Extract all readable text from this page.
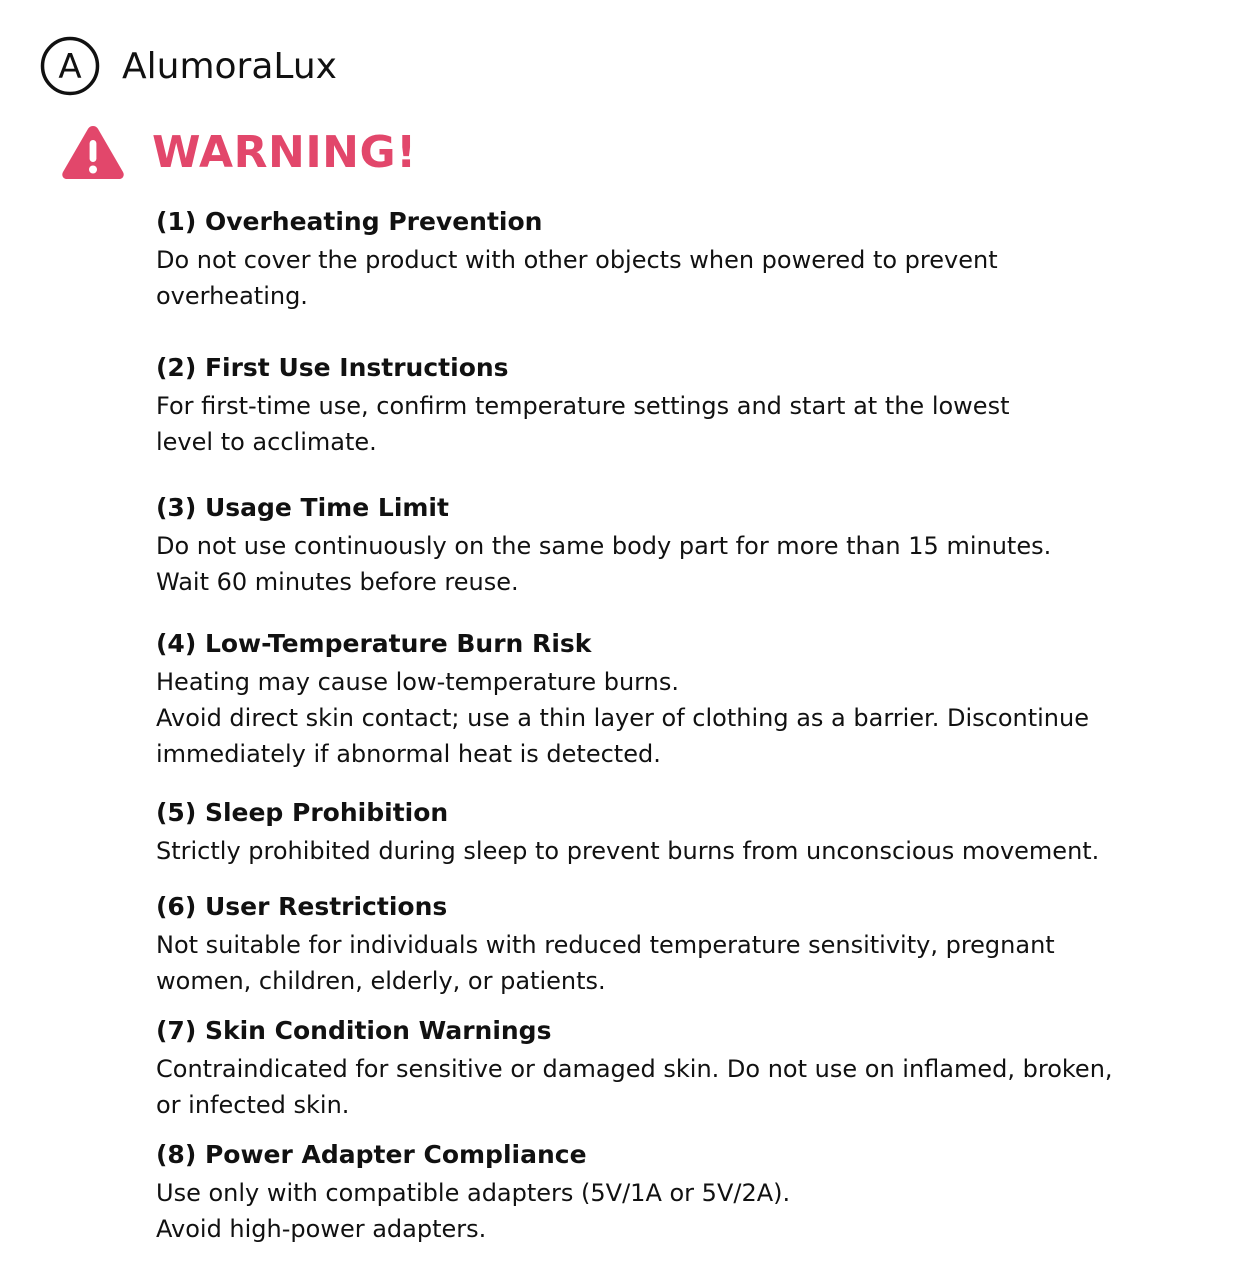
A AlumoraLux
WARNING!
(1) Overheating Prevention
Do not cover the product with other objects when powered to prevent
overheating.
(2) First Use Instructions
For first-time use, confirm temperature settings and start at the lowest
level to acclimate.
(3) Usage Time Limit
Do not use continuously on the same body part for more than 15 minutes.
Wait 60 minutes before reuse.
(4) Low-Temperature Burn Risk
Heating may cause low-temperature burns.
Avoid direct skin contact; use a thin layer of clothing as a barrier. Discontinue
immediately if abnormal heat is detected.
(5) Sleep Prohibition
Strictly prohibited during sleep to prevent burns from unconscious movement.
(6) User Restrictions
Not suitable for individuals with reduced temperature sensitivity, pregnant
women, children, elderly, or patients.
(7) Skin Condition Warnings
Contraindicated for sensitive or damaged skin. Do not use on inflamed, broken,
or infected skin.
(8) Power Adapter Compliance
Use only with compatible adapters (5V/1A or 5V/2A).
Avoid high-power adapters.
